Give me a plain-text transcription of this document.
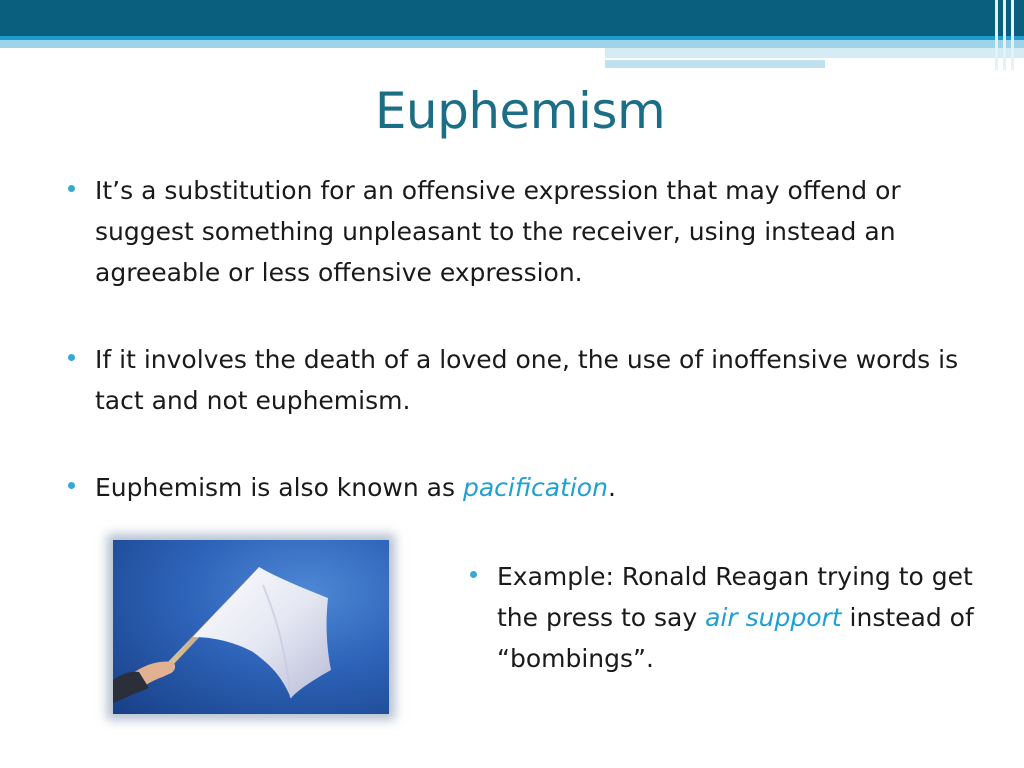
Euphemism
It’s a substitution for an offensive expression that may offend or suggest something unpleasant to the receiver, using instead an agreeable or less offensive expression.
If it involves the death of a loved one, the use of inoffensive words is tact and not euphemism.
Euphemism is also known as pacification.
Example: Ronald Reagan trying to get the press to say air support instead of “bombings”.
